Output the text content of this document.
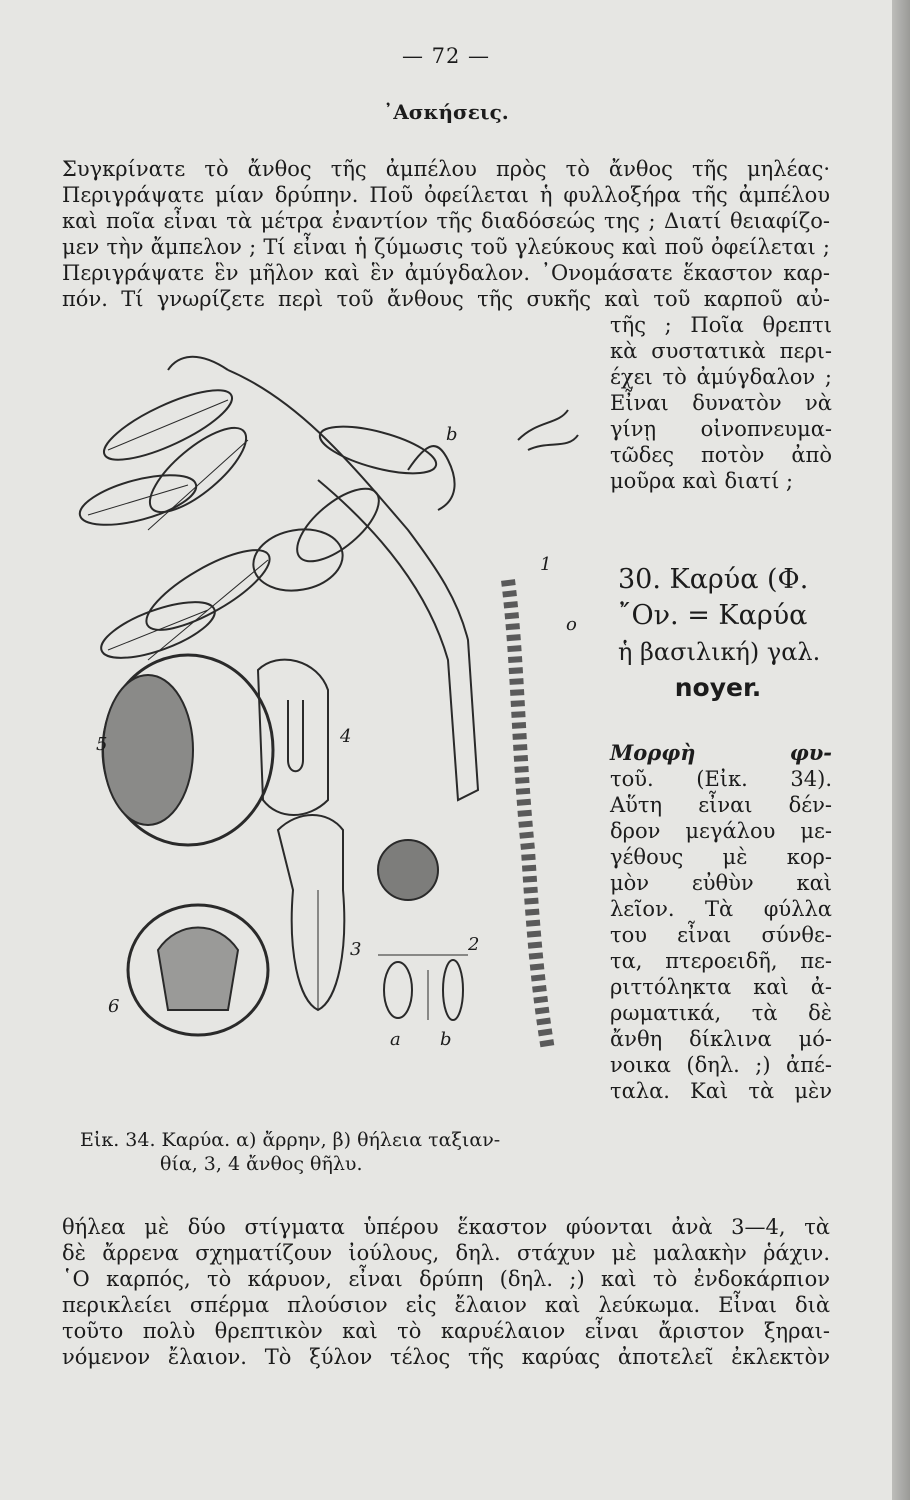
— 72 —
᾿Ασκήσεις.
Συγκρίνατε τὸ ἄνθος τῆς ἀμπέλου πρὸς τὸ ἄνθος τῆς μηλέας·
Περιγράψατε μίαν δρύπην. Ποῦ ὀφείλεται ἡ φυλλοξήρα τῆς ἀμπέλου
καὶ ποῖα εἶναι τὰ μέτρα ἐναντίον τῆς διαδόσεώς της ; Διατί θειαφίζο-
μεν τὴν ἄμπελον ; Τί εἶναι ἡ ζύμωσις τοῦ γλεύκους καὶ ποῦ ὀφείλεται ;
Περιγράψατε ἓν μῆλον καὶ ἓν ἀμύγδαλον. ᾿Ονομάσατε ἕκαστον καρ-
πόν. Τί γνωρίζετε περὶ τοῦ ἄνθους τῆς συκῆς καὶ τοῦ καρποῦ αὐ-
τῆς ; Ποῖα θρεπτι
κὰ συστατικὰ περι-
έχει τὸ ἀμύγδαλον ;
Εἶναι δυνατὸν νὰ
γίνῃ οἰνοπνευμα-
τῶδες ποτὸν ἀπὸ
μοῦρα καὶ διατί ;
30. Καρύα (Φ.
῎Ον. = Καρύα
ἡ βασιλική) γαλ.
noyer.
Μορφὴ φυ-
τοῦ. (Εἰκ. 34).
Αὕτη εἶναι δέν-
δρον μεγάλου με-
γέθους μὲ κορ-
μὸν εὐθὺν καὶ
λεῖον. Τὰ φύλλα
του εἶναι σύνθε-
τα, πτεροειδῆ, πε-
ριττόληκτα καὶ ἀ-
ρωματικά, τὰ δὲ
ἄνθη δίκλινα μό-
νοικα (δηλ. ;) ἀπέ-
ταλα. Καὶ τὰ μὲν
b
1
o
4
5
6
3	2
a b
Εἰκ. 34. Καρύα. α) ἄρρην, β) θήλεια ταξιαν-
θία, 3, 4 ἄνθος θῆλυ.
θήλεα μὲ δύο στίγματα ὑπέρου ἕκαστον φύονται ἀνὰ 3—4, τὰ
δὲ ἄρρενα σχηματίζουν ἰούλους, δηλ. στάχυν μὲ μαλακὴν ῥάχιν.
῾Ο καρπός, τὸ κάρυον, εἶναι δρύπη (δηλ. ;) καὶ τὸ ἐνδοκάρπιον
περικλείει σπέρμα πλούσιον εἰς ἔλαιον καὶ λεύκωμα. Εἶναι διὰ
τοῦτο πολὺ θρεπτικὸν καὶ τὸ καρυέλαιον εἶναι ἄριστον ξηραι-
νόμενον ἔλαιον. Τὸ ξύλον τέλος τῆς καρύας ἀποτελεῖ ἐκλεκτὸν
